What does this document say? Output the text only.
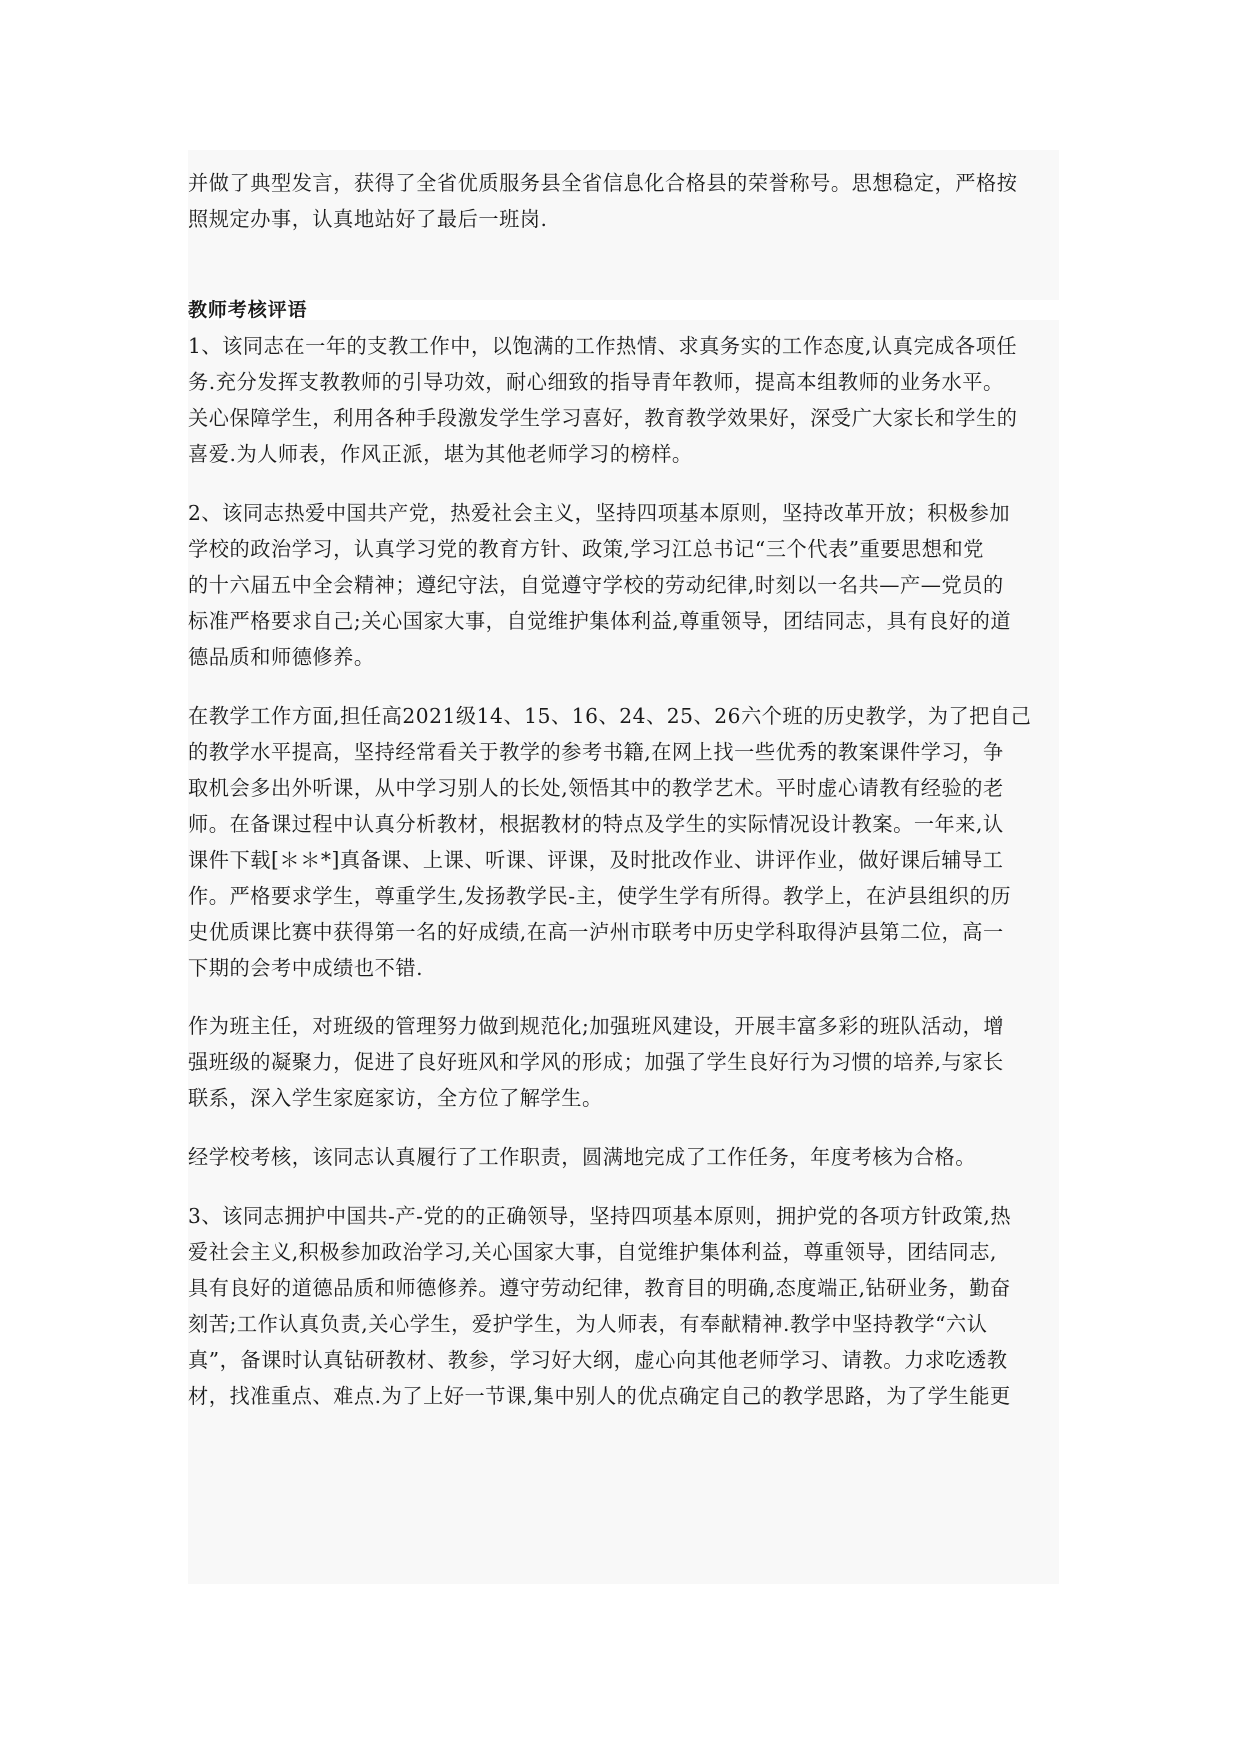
并做了典型发言，获得了全省优质服务县全省信息化合格县的荣誉称号。思想稳定，严格按

照规定办事，认真地站好了最后一班岗.

教师考核评语

1、该同志在一年的支教工作中，以饱满的工作热情、求真务实的工作态度,认真完成各项任

务.充分发挥支教教师的引导功效，耐心细致的指导青年教师，提高本组教师的业务水平。

关心保障学生，利用各种手段激发学生学习喜好，教育教学效果好，深受广大家长和学生的

喜爱.为人师表，作风正派，堪为其他老师学习的榜样。

2、该同志热爱中国共产党，热爱社会主义，坚持四项基本原则，坚持改革开放；积极参加

学校的政治学习，认真学习党的教育方针、政策,学习江总书记“三个代表”重要思想和党

的十六届五中全会精神；遵纪守法，自觉遵守学校的劳动纪律,时刻以一名共—产—党员的

标准严格要求自己;关心国家大事，自觉维护集体利益,尊重领导，团结同志，具有良好的道

德品质和师德修养。

在教学工作方面,担任高2021级14、15、16、24、25、26六个班的历史教学，为了把自己

的教学水平提高，坚持经常看关于教学的参考书籍,在网上找一些优秀的教案课件学习，争

取机会多出外听课，从中学习别人的长处,领悟其中的教学艺术。平时虚心请教有经验的老

师。在备课过程中认真分析教材，根据教材的特点及学生的实际情况设计教案。一年来,认

课件下载[＊＊*]真备课、上课、听课、评课，及时批改作业、讲评作业，做好课后辅导工

作。严格要求学生，尊重学生,发扬教学民-主，使学生学有所得。教学上，在泸县组织的历

史优质课比赛中获得第一名的好成绩,在高一泸州市联考中历史学科取得泸县第二位，高一

下期的会考中成绩也不错.

作为班主任，对班级的管理努力做到规范化;加强班风建设，开展丰富多彩的班队活动，增

强班级的凝聚力，促进了良好班风和学风的形成；加强了学生良好行为习惯的培养,与家长

联系，深入学生家庭家访，全方位了解学生。

经学校考核，该同志认真履行了工作职责，圆满地完成了工作任务，年度考核为合格。

3、该同志拥护中国共-产-党的的正确领导，坚持四项基本原则，拥护党的各项方针政策,热

爱社会主义,积极参加政治学习,关心国家大事，自觉维护集体利益，尊重领导，团结同志,

具有良好的道德品质和师德修养。遵守劳动纪律，教育目的明确,态度端正,钻研业务，勤奋

刻苦;工作认真负责,关心学生，爱护学生，为人师表，有奉献精神.教学中坚持教学“六认

真”，备课时认真钻研教材、教参，学习好大纲，虚心向其他老师学习、请教。力求吃透教

材，找准重点、难点.为了上好一节课,集中别人的优点确定自己的教学思路，为了学生能更
